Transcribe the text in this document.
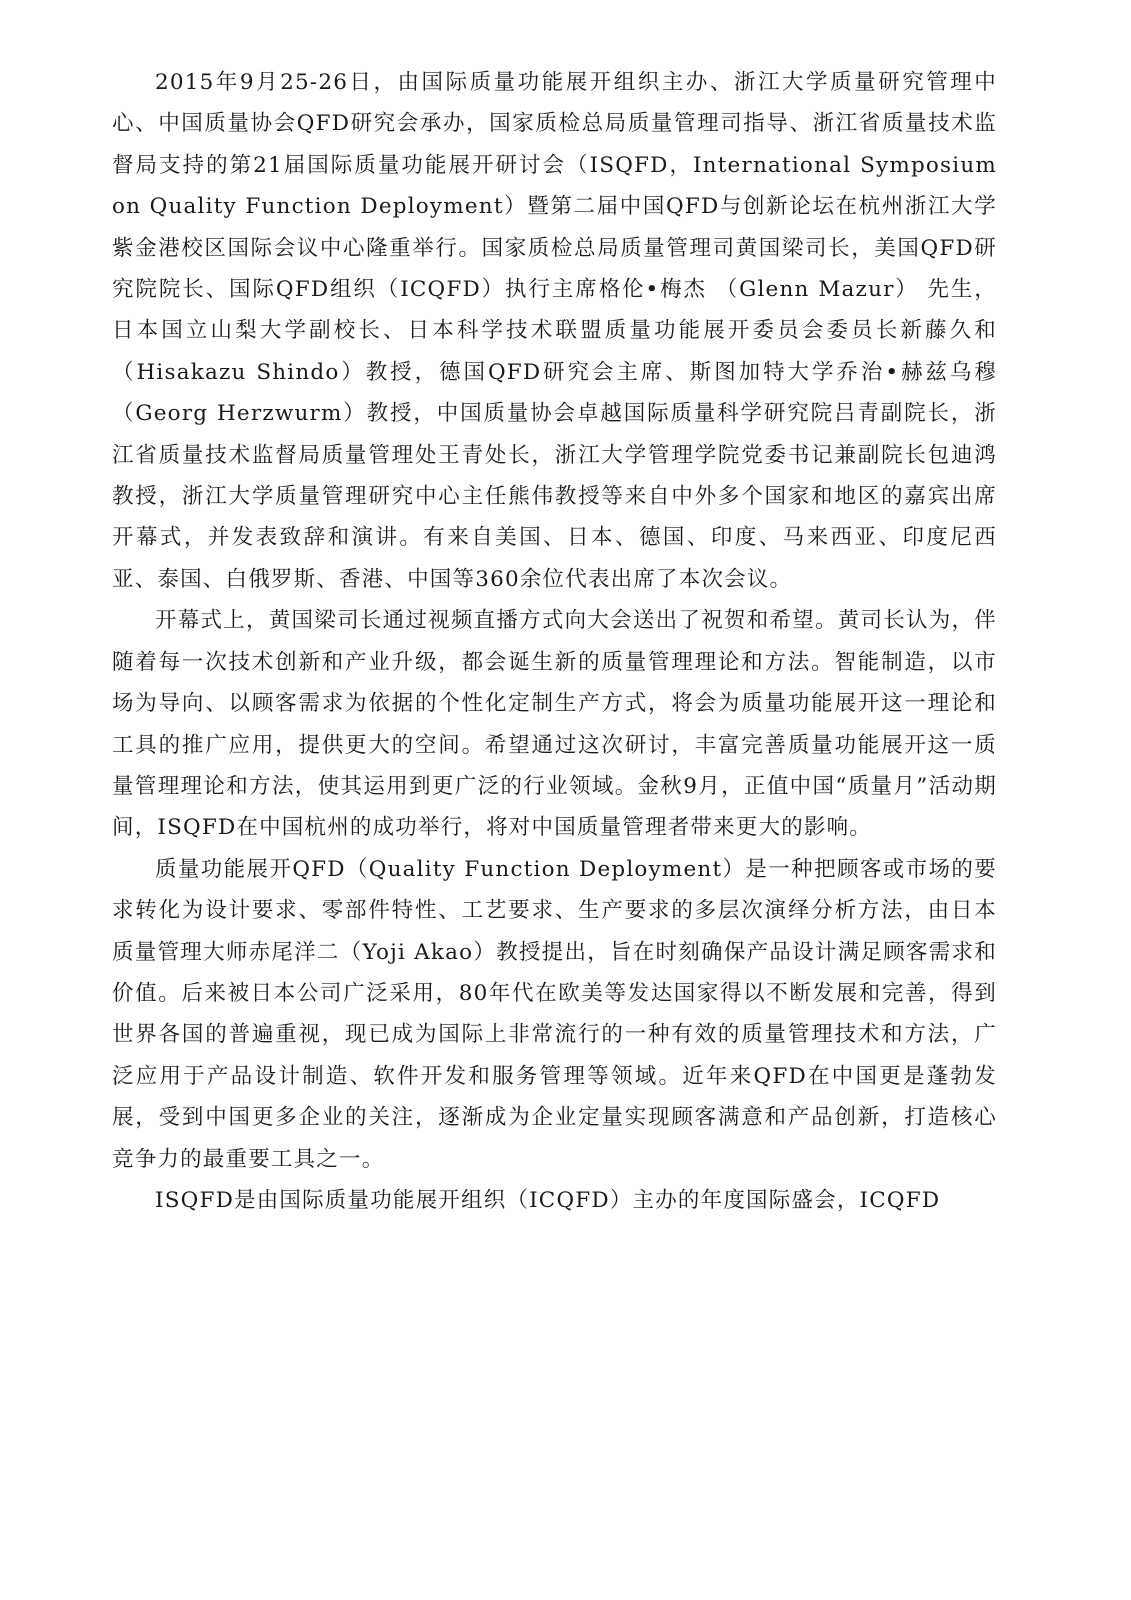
2015年9月25-26日，由国际质量功能展开组织主办、浙江大学质量研究管理中心、中国质量协会QFD研究会承办，国家质检总局质量管理司指导、浙江省质量技术监督局支持的第21届国际质量功能展开研讨会（ISQFD，International Symposium on Quality Function Deployment）暨第二届中国QFD与创新论坛在杭州浙江大学紫金港校区国际会议中心隆重举行。国家质检总局质量管理司黄国梁司长，美国QFD研究院院长、国际QFD组织（ICQFD）执行主席格伦•梅杰 （Glenn Mazur） 先生，日本国立山梨大学副校长、日本科学技术联盟质量功能展开委员会委员长新藤久和（Hisakazu Shindo）教授，德国QFD研究会主席、斯图加特大学乔治•赫兹乌穆（Georg Herzwurm）教授，中国质量协会卓越国际质量科学研究院吕青副院长，浙江省质量技术监督局质量管理处王青处长，浙江大学管理学院党委书记兼副院长包迪鸿教授，浙江大学质量管理研究中心主任熊伟教授等来自中外多个国家和地区的嘉宾出席开幕式，并发表致辞和演讲。有来自美国、日本、德国、印度、马来西亚、印度尼西亚、泰国、白俄罗斯、香港、中国等360余位代表出席了本次会议。

开幕式上，黄国梁司长通过视频直播方式向大会送出了祝贺和希望。黄司长认为，伴随着每一次技术创新和产业升级，都会诞生新的质量管理理论和方法。智能制造，以市场为导向、以顾客需求为依据的个性化定制生产方式，将会为质量功能展开这一理论和工具的推广应用，提供更大的空间。希望通过这次研讨，丰富完善质量功能展开这一质量管理理论和方法，使其运用到更广泛的行业领域。金秋9月，正值中国“质量月”活动期间，ISQFD在中国杭州的成功举行，将对中国质量管理者带来更大的影响。

质量功能展开QFD（Quality Function Deployment）是一种把顾客或市场的要求转化为设计要求、零部件特性、工艺要求、生产要求的多层次演绎分析方法，由日本质量管理大师赤尾洋二（Yoji Akao）教授提出，旨在时刻确保产品设计满足顾客需求和价值。后来被日本公司广泛采用，80年代在欧美等发达国家得以不断发展和完善，得到世界各国的普遍重视，现已成为国际上非常流行的一种有效的质量管理技术和方法，广泛应用于产品设计制造、软件开发和服务管理等领域。近年来QFD在中国更是蓬勃发展，受到中国更多企业的关注，逐渐成为企业定量实现顾客满意和产品创新，打造核心竞争力的最重要工具之一。

ISQFD是由国际质量功能展开组织（ICQFD）主办的年度国际盛会，ICQFD
